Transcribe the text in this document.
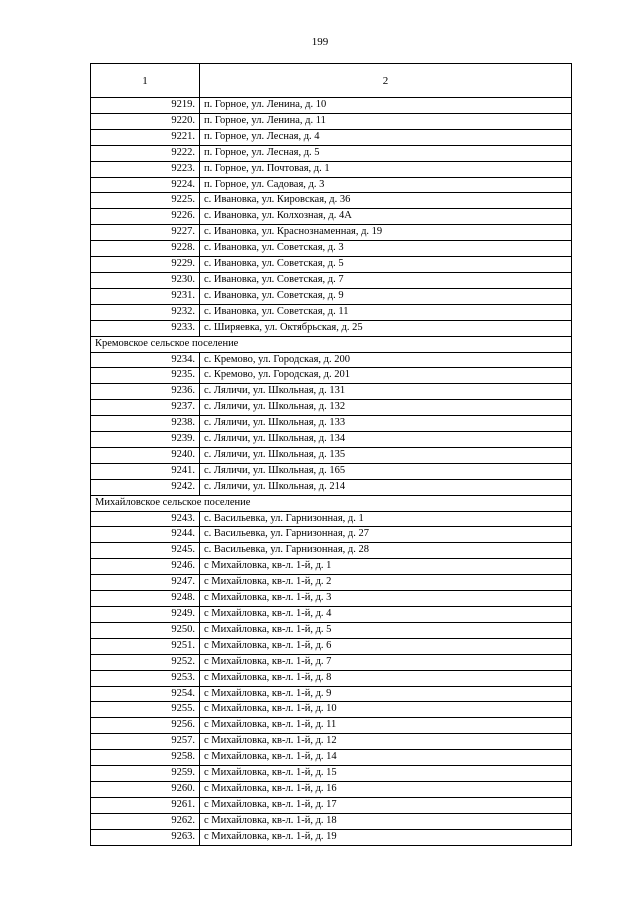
199
1	2
9219.	п. Горное, ул. Ленина, д. 10
9220.	п. Горное, ул. Ленина, д. 11
9221.	п. Горное, ул. Лесная, д. 4
9222.	п. Горное, ул. Лесная, д. 5
9223.	п. Горное, ул. Почтовая, д. 1
9224.	п. Горное, ул. Садовая, д. 3
9225.	с. Ивановка, ул. Кировская, д. 36
9226.	с. Ивановка, ул. Колхозная, д. 4А
9227.	с. Ивановка, ул. Краснознаменная, д. 19
9228.	с. Ивановка, ул. Советская, д. 3
9229.	с. Ивановка, ул. Советская, д. 5
9230.	с. Ивановка, ул. Советская, д. 7
9231.	с. Ивановка, ул. Советская, д. 9
9232.	с. Ивановка, ул. Советская, д. 11
9233.	с. Ширяевка, ул. Октябрьская, д. 25
Кремовское сельское поселение	
9234.	с. Кремово, ул. Городская, д. 200
9235.	с. Кремово, ул. Городская, д. 201
9236.	с. Ляличи, ул. Школьная, д. 131
9237.	с. Ляличи, ул. Школьная, д. 132
9238.	с. Ляличи, ул. Школьная, д. 133
9239.	с. Ляличи, ул. Школьная, д. 134
9240.	с. Ляличи, ул. Школьная, д. 135
9241.	с. Ляличи, ул. Школьная, д. 165
9242.	с. Ляличи, ул. Школьная, д. 214
Михайловское сельское поселение	
9243.	с. Васильевка, ул. Гарнизонная, д. 1
9244.	с. Васильевка, ул. Гарнизонная, д. 27
9245.	с. Васильевка, ул. Гарнизонная, д. 28
9246.	с Михайловка, кв-л. 1-й, д. 1
9247.	с Михайловка, кв-л. 1-й, д. 2
9248.	с Михайловка, кв-л. 1-й, д. 3
9249.	с Михайловка, кв-л. 1-й, д. 4
9250.	с Михайловка, кв-л. 1-й, д. 5
9251.	с Михайловка, кв-л. 1-й, д. 6
9252.	с Михайловка, кв-л. 1-й, д. 7
9253.	с Михайловка, кв-л. 1-й, д. 8
9254.	с Михайловка, кв-л. 1-й, д. 9
9255.	с Михайловка, кв-л. 1-й, д. 10
9256.	с Михайловка, кв-л. 1-й, д. 11
9257.	с Михайловка, кв-л. 1-й, д. 12
9258.	с Михайловка, кв-л. 1-й, д. 14
9259.	с Михайловка, кв-л. 1-й, д. 15
9260.	с Михайловка, кв-л. 1-й, д. 16
9261.	с Михайловка, кв-л. 1-й, д. 17
9262.	с Михайловка, кв-л. 1-й, д. 18
9263.	с Михайловка, кв-л. 1-й, д. 19
